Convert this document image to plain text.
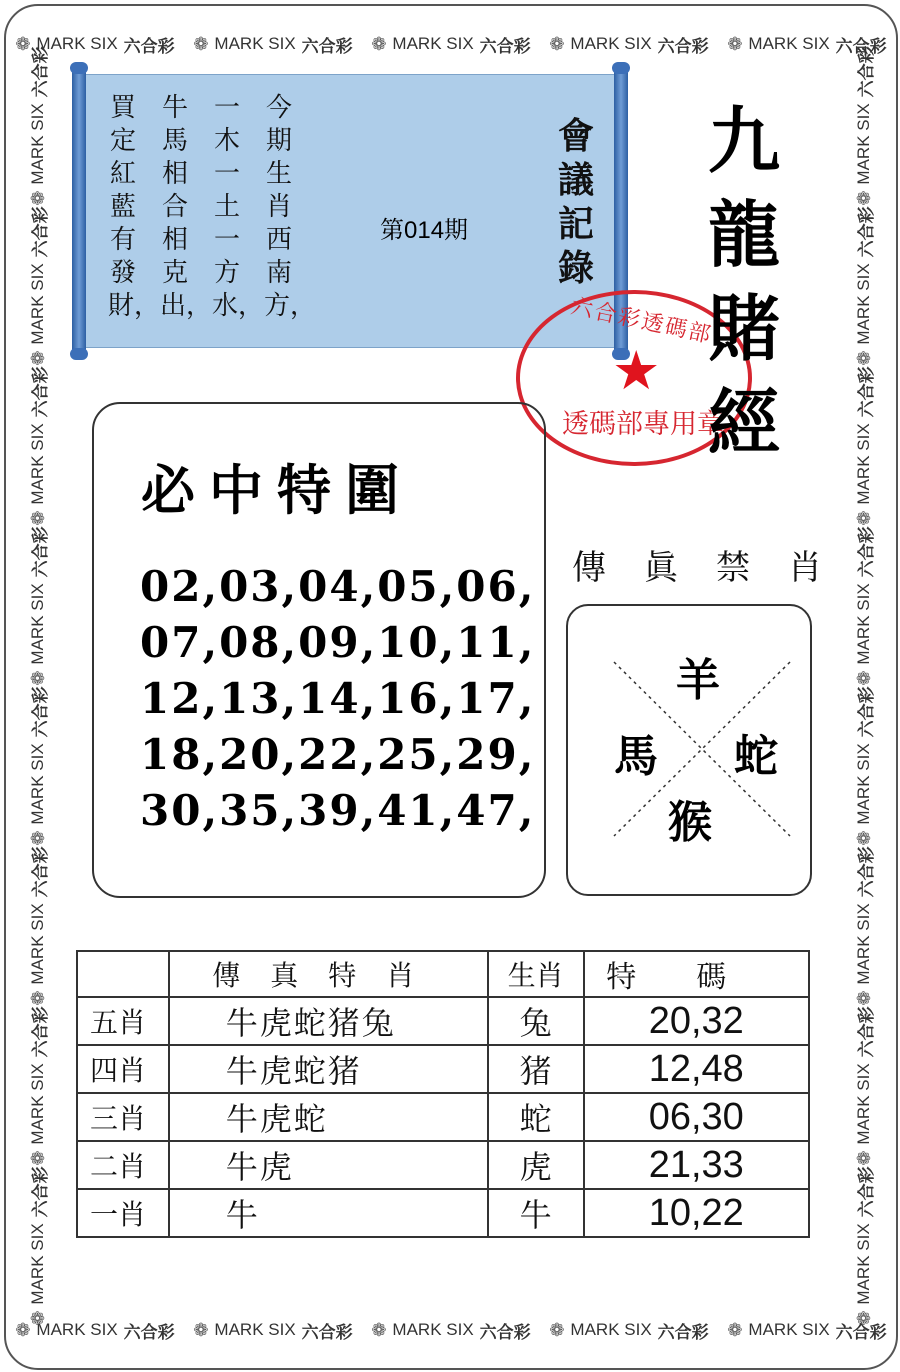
❁ MARK SIX 六合彩 ❁ MARK SIX 六合彩 ❁ MARK SIX 六合彩 ❁ MARK SIX 六合彩 ❁ MARK SIX 六合彩
❁ MARK SIX 六合彩 ❁ MARK SIX 六合彩 ❁ MARK SIX 六合彩 ❁ MARK SIX 六合彩 ❁ MARK SIX 六合彩
❁
MARK SIX
六合彩
❁
MARK SIX
六合彩
❁
MARK SIX
六合彩
❁
MARK SIX
六合彩
❁
MARK SIX
六合彩
❁
MARK SIX
六合彩
❁
MARK SIX
六合彩
❁
MARK SIX
六合彩
❁
MARK SIX
六合彩
❁
MARK SIX
六合彩
❁
MARK SIX
六合彩
❁
MARK SIX
六合彩
❁
MARK SIX
六合彩
❁
MARK SIX
六合彩
❁
MARK SIX
六合彩
❁
MARK SIX
六合彩
今期生肖西南方，
一木一土一方水，
牛馬相合相克出，
買定紅藍有發財，
第014期
會議記錄
六合彩透碼部
★
透碼部專用章
九龍賭經
必中特圍
02,03,04,05,06,
07,08,09,10,11,
12,13,14,16,17,
18,20,22,25,29,
30,35,39,41,47,
傳 眞 禁 肖
羊
馬 蛇
猴
	傳真特肖	生肖	特碼
五肖	牛虎蛇猪兔	兔	20,32
四肖	牛虎蛇猪	猪	12,48
三肖	牛虎蛇	蛇	06,30
二肖	牛虎	虎	21,33
一肖	牛	牛	10,22
